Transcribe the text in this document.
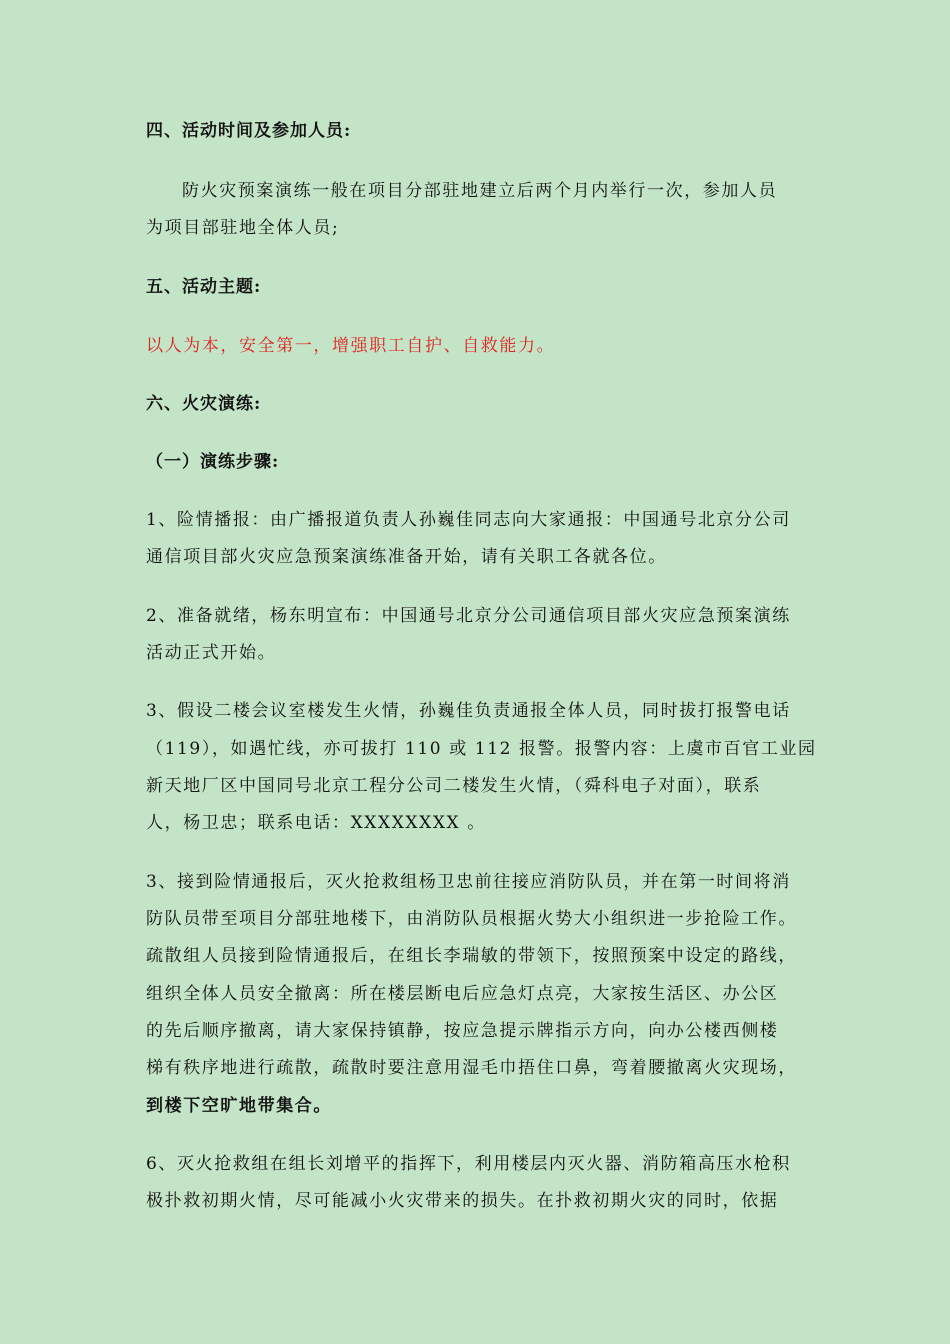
四、活动时间及参加人员:
防火灾预案演练一般在项目分部驻地建立后两个月内举行一次，参加人员
为项目部驻地全体人员;
五、活动主题:
以人为本，安全第一，增强职工自护、自救能力。
六、火灾演练:
（一）演练步骤:
1、险情播报：由广播报道负责人孙巍佳同志向大家通报：中国通号北京分公司
通信项目部火灾应急预案演练准备开始，请有关职工各就各位。
2、准备就绪，杨东明宣布：中国通号北京分公司通信项目部火灾应急预案演练
活动正式开始。
3、假设二楼会议室楼发生火情，孙巍佳负责通报全体人员，同时拔打报警电话
（119），如遇忙线，亦可拔打 110 或 112 报警。报警内容：上虞市百官工业园
新天地厂区中国同号北京工程分公司二楼发生火情，（舜科电子对面），联系
人，杨卫忠；联系电话：XXXXXXXX 。
3、接到险情通报后，灭火抢救组杨卫忠前往接应消防队员，并在第一时间将消
防队员带至项目分部驻地楼下，由消防队员根据火势大小组织进一步抢险工作。
疏散组人员接到险情通报后，在组长李瑞敏的带领下，按照预案中设定的路线，
组织全体人员安全撤离：所在楼层断电后应急灯点亮，大家按生活区、办公区
的先后顺序撤离，请大家保持镇静，按应急提示牌指示方向，向办公楼西侧楼
梯有秩序地进行疏散，疏散时要注意用湿毛巾捂住口鼻，弯着腰撤离火灾现场，
到楼下空旷地带集合。
6、灭火抢救组在组长刘增平的指挥下，利用楼层内灭火器、消防箱高压水枪积
极扑救初期火情，尽可能减小火灾带来的损失。在扑救初期火灾的同时，依据
